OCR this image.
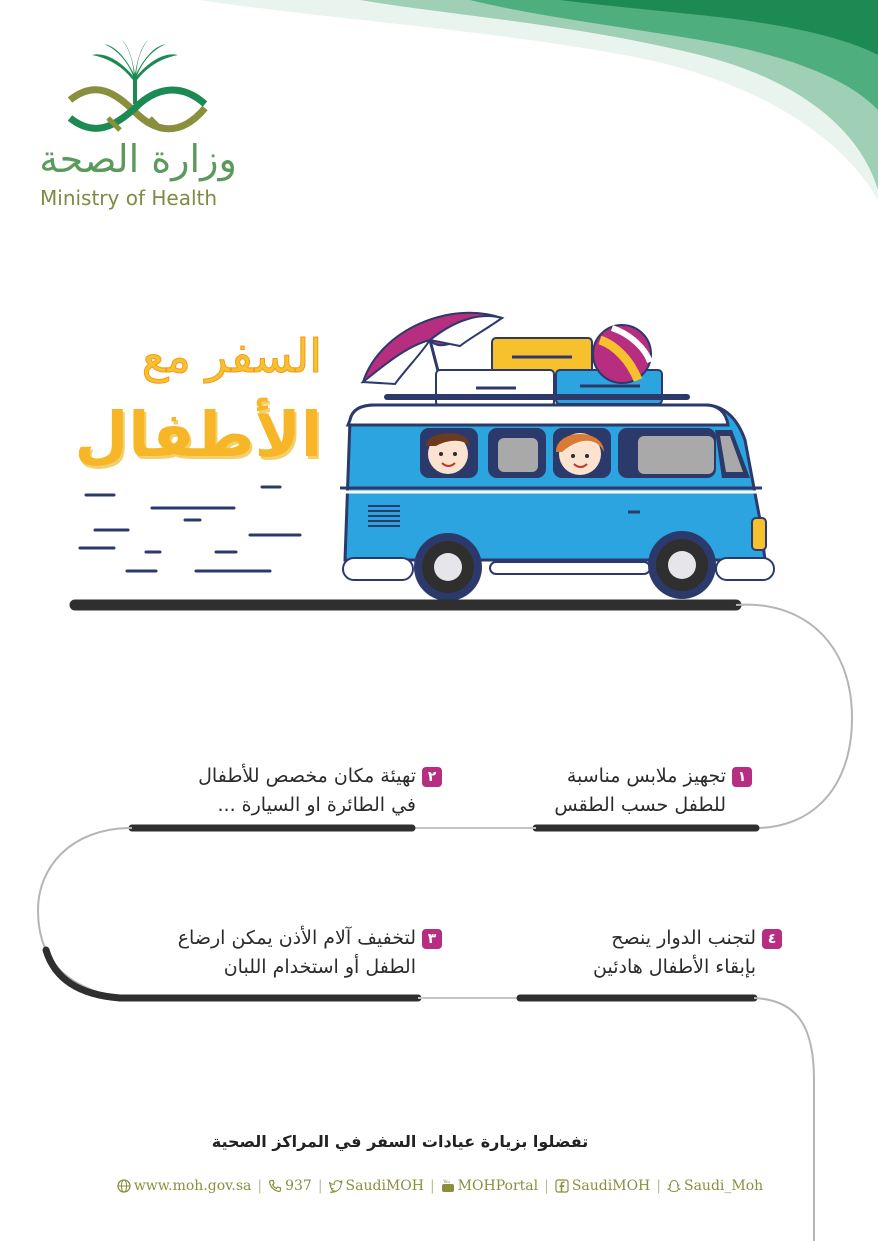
وزارة الصحة
Ministry of Health
السفر مع
الأطفال
١تجهيز ملابس مناسبة
للطفل حسب الطقس
٢تهيئة مكان مخصص للأطفال
في الطائرة او السيارة ...
٣لتخفيف آلام الأذن يمكن ارضاع
الطفل أو استخدام اللبان
٤لتجنب الدوار ينصح
بإبقاء الأطفال هادئين
تفضلوا بزيارة عيادات السفر في المراكز الصحية
www.moh.gov.sa | 937 | SaudiMOH | You MOHPortal | SaudiMOH | Saudi_Moh
